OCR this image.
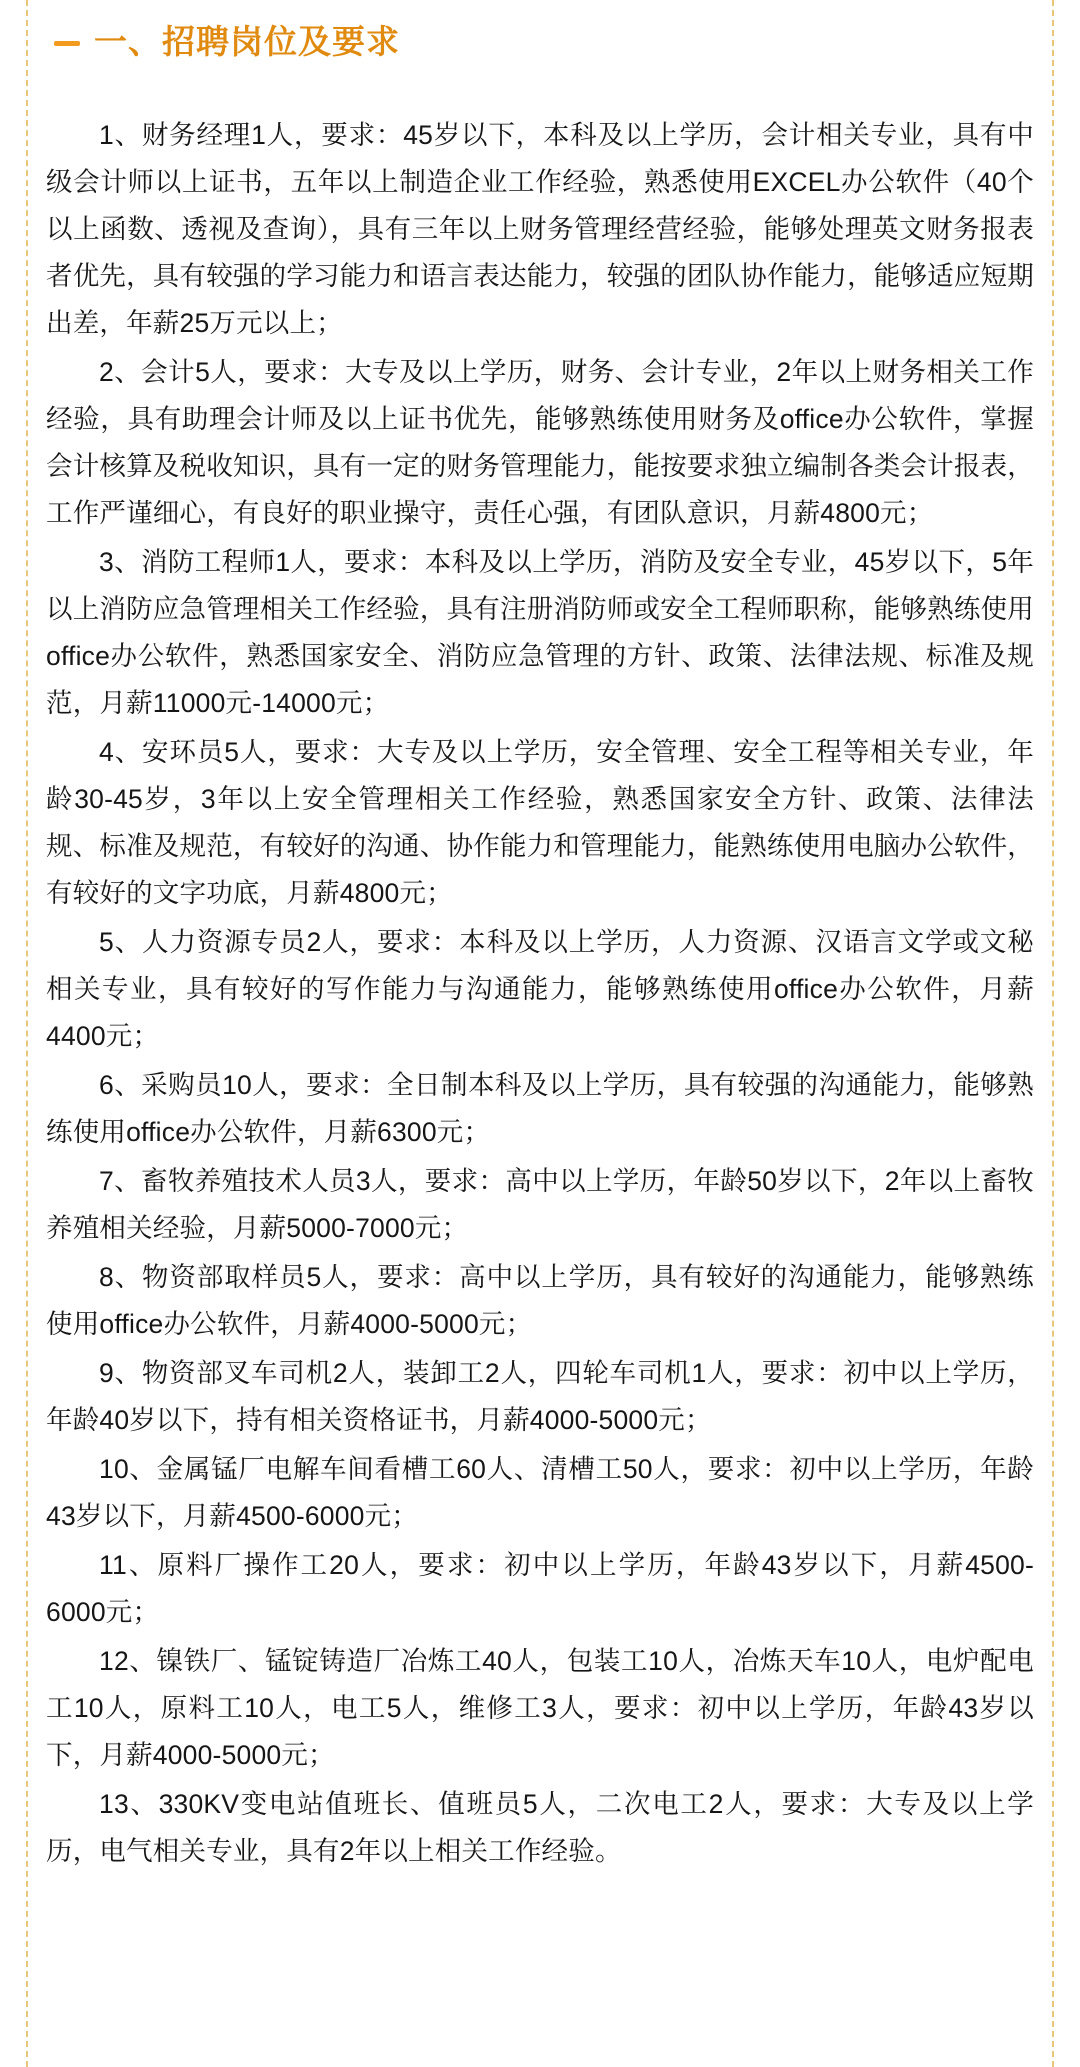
一、招聘岗位及要求

1、财务经理1人，要求：45岁以下，本科及以上学历，会计相关专业，具有中级会计师以上证书，五年以上制造企业工作经验，熟悉使用EXCEL办公软件（40个以上函数、透视及查询），具有三年以上财务管理经营经验，能够处理英文财务报表者优先，具有较强的学习能力和语言表达能力，较强的团队协作能力，能够适应短期出差，年薪25万元以上；

2、会计5人，要求：大专及以上学历，财务、会计专业，2年以上财务相关工作经验，具有助理会计师及以上证书优先，能够熟练使用财务及office办公软件，掌握会计核算及税收知识，具有一定的财务管理能力，能按要求独立编制各类会计报表，工作严谨细心，有良好的职业操守，责任心强，有团队意识，月薪4800元；

3、消防工程师1人，要求：本科及以上学历，消防及安全专业，45岁以下，5年以上消防应急管理相关工作经验，具有注册消防师或安全工程师职称，能够熟练使用office办公软件，熟悉国家安全、消防应急管理的方针、政策、法律法规、标准及规范，月薪11000元-14000元；

4、安环员5人，要求：大专及以上学历，安全管理、安全工程等相关专业，年龄30-45岁，3年以上安全管理相关工作经验，熟悉国家安全方针、政策、法律法规、标准及规范，有较好的沟通、协作能力和管理能力，能熟练使用电脑办公软件，有较好的文字功底，月薪4800元；

5、人力资源专员2人，要求：本科及以上学历，人力资源、汉语言文学或文秘相关专业，具有较好的写作能力与沟通能力，能够熟练使用office办公软件，月薪4400元；

6、采购员10人，要求：全日制本科及以上学历，具有较强的沟通能力，能够熟练使用office办公软件，月薪6300元；

7、畜牧养殖技术人员3人，要求：高中以上学历，年龄50岁以下，2年以上畜牧养殖相关经验，月薪5000-7000元；

8、物资部取样员5人，要求：高中以上学历，具有较好的沟通能力，能够熟练使用office办公软件，月薪4000-5000元；

9、物资部叉车司机2人，装卸工2人，四轮车司机1人，要求：初中以上学历，年龄40岁以下，持有相关资格证书，月薪4000-5000元；

10、金属锰厂电解车间看槽工60人、清槽工50人，要求：初中以上学历，年龄43岁以下，月薪4500-6000元；

11、原料厂操作工20人，要求：初中以上学历，年龄43岁以下，月薪4500-6000元；

12、镍铁厂、锰锭铸造厂冶炼工40人，包装工10人，冶炼天车10人，电炉配电工10人，原料工10人，电工5人，维修工3人，要求：初中以上学历，年龄43岁以下，月薪4000-5000元；

13、330KV变电站值班长、值班员5人，二次电工2人，要求：大专及以上学历，电气相关专业，具有2年以上相关工作经验。
